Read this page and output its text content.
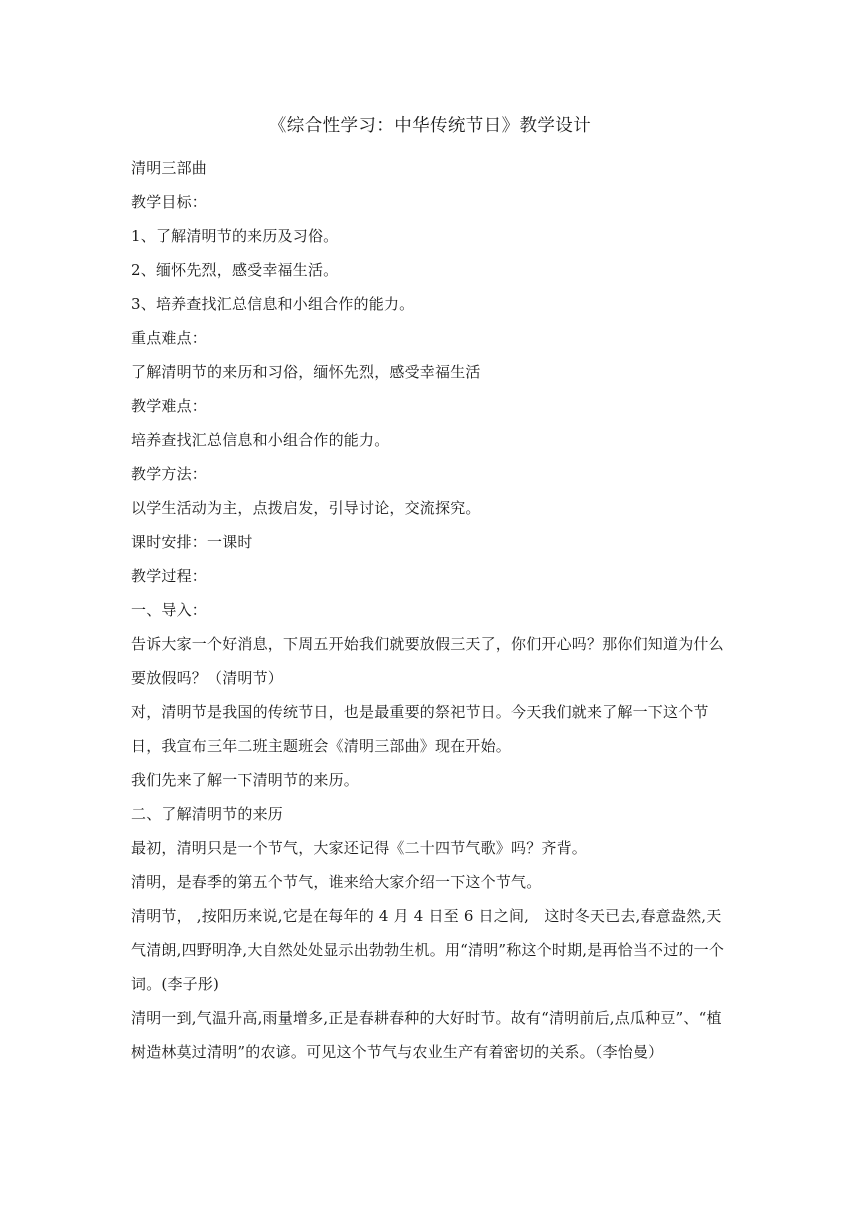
《综合性学习：中华传统节日》教学设计

清明三部曲

教学目标：

1、了解清明节的来历及习俗。

2、缅怀先烈，感受幸福生活。

3、培养查找汇总信息和小组合作的能力。

重点难点：

了解清明节的来历和习俗，缅怀先烈，感受幸福生活

教学难点：

培养查找汇总信息和小组合作的能力。

教学方法：

以学生活动为主，点拨启发，引导讨论，交流探究。

课时安排：一课时

教学过程：

一、导入：

告诉大家一个好消息，下周五开始我们就要放假三天了，你们开心吗？那你们知道为什么要放假吗？（清明节）

对，清明节是我国的传统节日，也是最重要的祭祀节日。今天我们就来了解一下这个节日，我宣布三年二班主题班会《清明三部曲》现在开始。

我们先来了解一下清明节的来历。

二、了解清明节的来历

最初，清明只是一个节气，大家还记得《二十四节气歌》吗？齐背。

清明，是春季的第五个节气，谁来给大家介绍一下这个节气。

清明节， ,按阳历来说,它是在每年的 4 月 4 日至 6 日之间,　这时冬天已去,春意盎然,天气清朗,四野明净,大自然处处显示出勃勃生机。用“清明”称这个时期,是再恰当不过的一个词。(李子彤)

清明一到,气温升高,雨量增多,正是春耕春种的大好时节。故有“清明前后,点瓜种豆”、“植树造林莫过清明”的农谚。可见这个节气与农业生产有着密切的关系。（李怡曼）
